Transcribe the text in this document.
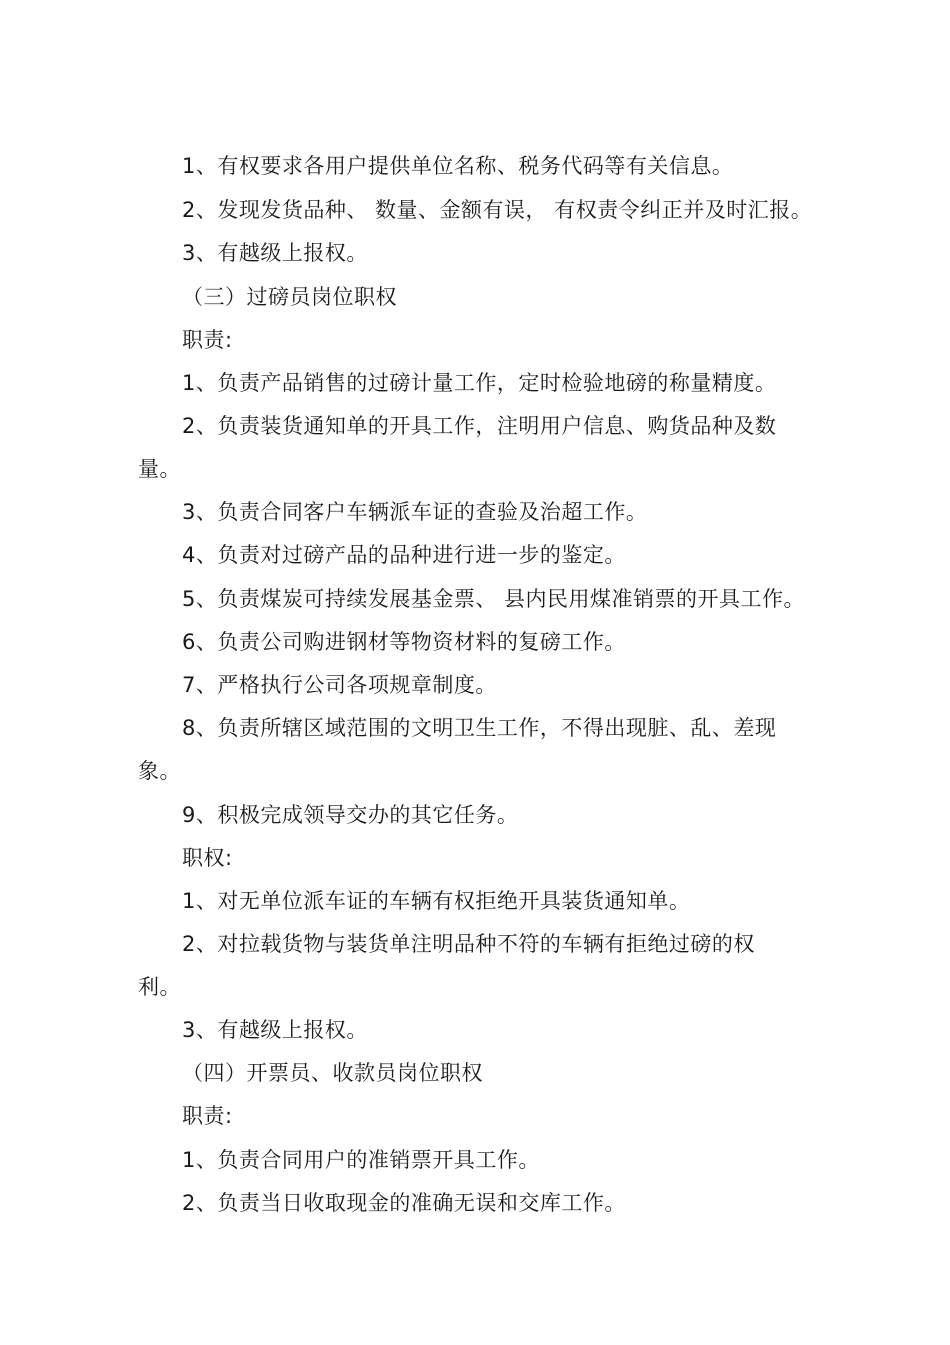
1、有权要求各用户提供单位名称、税务代码等有关信息。
2、发现发货品种、 数量、金额有误， 有权责令纠正并及时汇报。
3、有越级上报权。
（三）过磅员岗位职权
职责:
1、负责产品销售的过磅计量工作，定时检验地磅的称量精度。
2、负责装货通知单的开具工作，注明用户信息、购货品种及数
量。
3、负责合同客户车辆派车证的查验及治超工作。
4、负责对过磅产品的品种进行进一步的鉴定。
5、负责煤炭可持续发展基金票、 县内民用煤准销票的开具工作。
6、负责公司购进钢材等物资材料的复磅工作。
7、严格执行公司各项规章制度。
8、负责所辖区域范围的文明卫生工作，不得出现脏、乱、差现
象。
9、积极完成领导交办的其它任务。
职权:
1、对无单位派车证的车辆有权拒绝开具装货通知单。
2、对拉载货物与装货单注明品种不符的车辆有拒绝过磅的权
利。
3、有越级上报权。
（四）开票员、收款员岗位职权
职责:
1、负责合同用户的准销票开具工作。
2、负责当日收取现金的准确无误和交库工作。
